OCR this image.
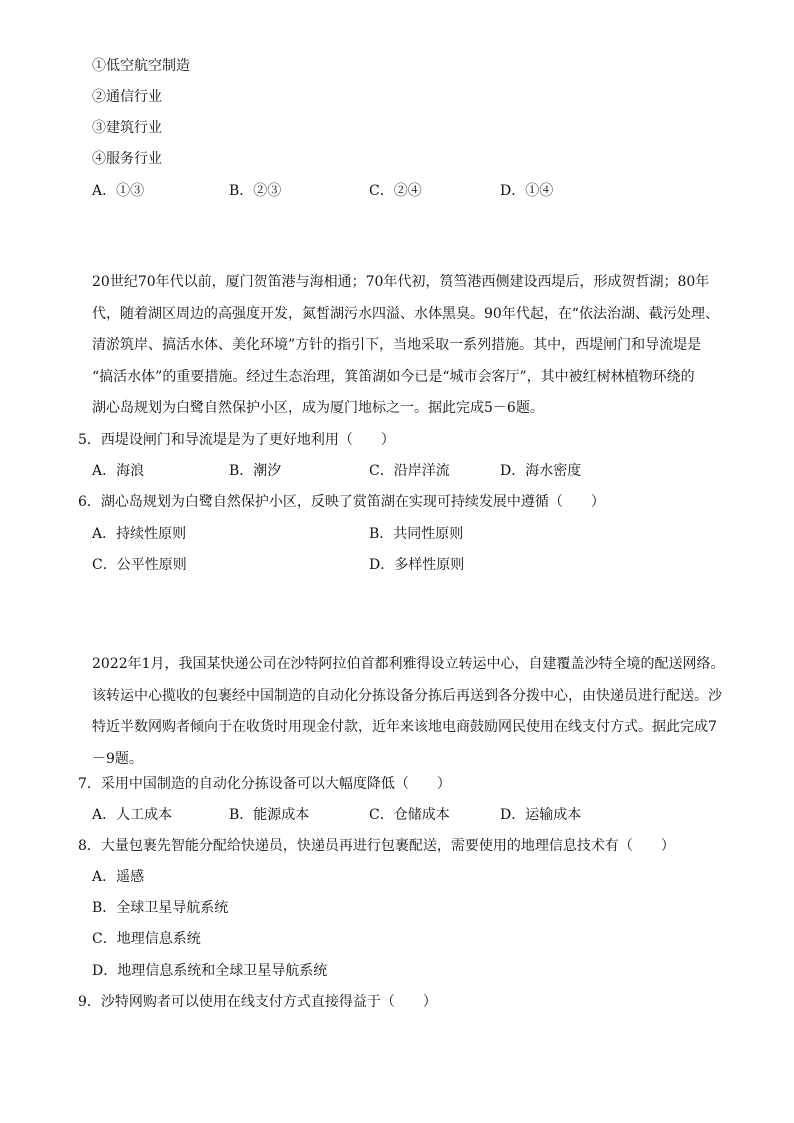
①低空航空制造
②通信行业
③建筑行业
④服务行业
A．①③	B．②③	C．②④	D．①④
20世纪70年代以前，厦门贺笛港与海相通；70年代初，筼筜港西侧建设西堤后，形成贺哲湖；80年
代，随着湖区周边的高强度开发，氮皙湖污水四溢、水体黑臭。90年代起，在“依法治湖、截污处理、
清淤筑岸、搞活水体、美化环境”方针的指引下，当地采取一系列措施。其中，西堤闸门和导流堤是
“搞活水体”的重要措施。经过生态治理，箕笛湖如今已是“城市会客厅”，其中被红树林植物环绕的
湖心岛规划为白鹭自然保护小区，成为厦门地标之一。据此完成5－6题。
5．西堤设闸门和导流堤是为了更好地利用（　　）
A．海浪	B．潮汐	C．沿岸洋流	D．海水密度
6．湖心岛规划为白鹭自然保护小区，反映了赏笛湖在实现可持续发展中遵循（　　）
A．持续性原则	B．共同性原则
C．公平性原则	D．多样性原则
2022年1月，我国某快递公司在沙特阿拉伯首都利雅得设立转运中心，自建覆盖沙特全境的配送网络。
该转运中心揽收的包裹经中国制造的自动化分拣设备分拣后再送到各分拨中心，由快递员进行配送。沙
特近半数网购者倾向于在收货时用现金付款，近年来该地电商鼓励网民使用在线支付方式。据此完成7
－9题。
7．采用中国制造的自动化分拣设备可以大幅度降低（　　）
A．人工成本	B．能源成本	C．仓储成本	D．运输成本
8．大量包裹先智能分配给快递员，快递员再进行包裹配送，需要使用的地理信息技术有（　　）
A．遥感
B．全球卫星导航系统
C．地理信息系统
D．地理信息系统和全球卫星导航系统
9．沙特网购者可以使用在线支付方式直接得益于（　　）
